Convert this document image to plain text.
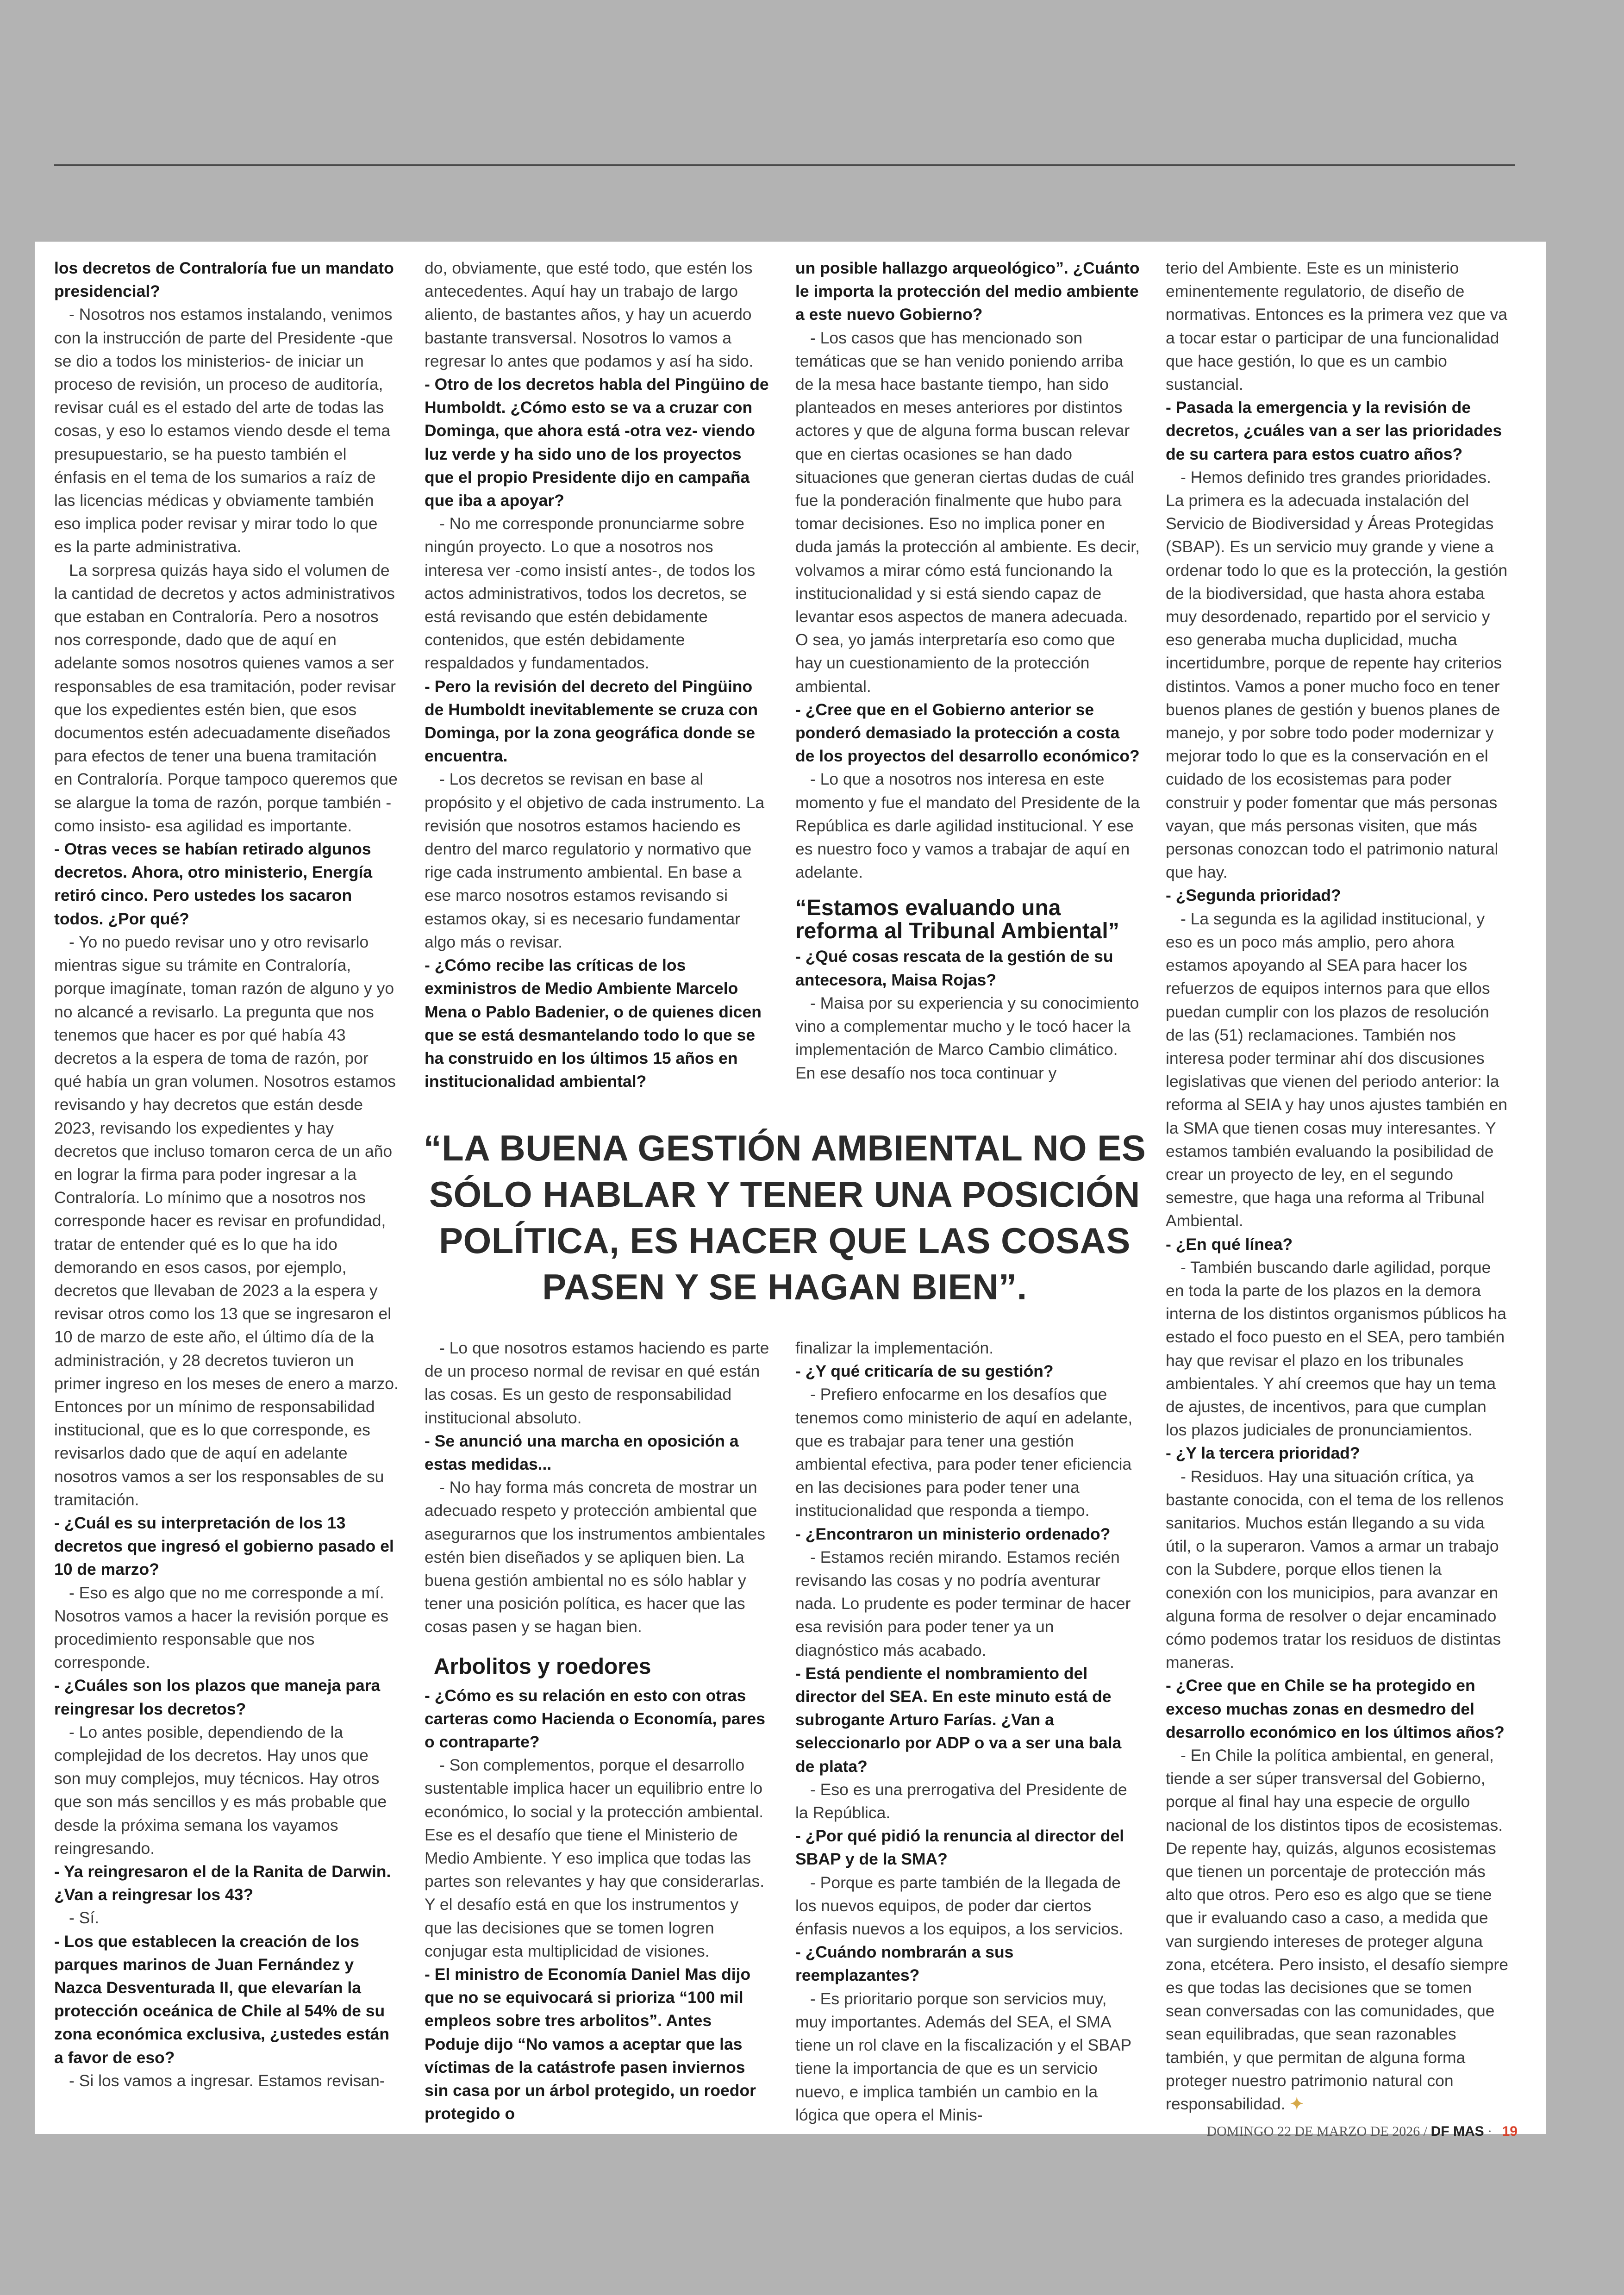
los decretos de Contraloría fue un mandato presidencial?

- Nosotros nos estamos instalando, venimos con la instrucción de parte del Presidente -que se dio a todos los ministerios- de iniciar un proceso de revisión, un proceso de auditoría, revisar cuál es el estado del arte de todas las cosas, y eso lo estamos viendo desde el tema presupuestario, se ha puesto también el énfasis en el tema de los sumarios a raíz de las licencias médicas y obviamente también eso implica poder revisar y mirar todo lo que es la parte administrativa.

La sorpresa quizás haya sido el volumen de la cantidad de decretos y actos administrativos que estaban en Contraloría. Pero a nosotros nos corresponde, dado que de aquí en adelante somos nosotros quienes vamos a ser responsables de esa tramitación, poder revisar que los expedientes estén bien, que esos documentos estén adecuadamente diseñados para efectos de tener una buena tramitación en Contraloría. Porque tampoco queremos que se alargue la toma de razón, porque también -como insisto- esa agilidad es importante.

- Otras veces se habían retirado algunos decretos. Ahora, otro ministerio, Energía retiró cinco. Pero ustedes los sacaron todos. ¿Por qué?

- Yo no puedo revisar uno y otro revisarlo mientras sigue su trámite en Contraloría, porque imagínate, toman razón de alguno y yo no alcancé a revisarlo. La pregunta que nos tenemos que hacer es por qué había 43 decretos a la espera de toma de razón, por qué había un gran volumen. Nosotros estamos revisando y hay decretos que están desde 2023, revisando los expedientes y hay decretos que incluso tomaron cerca de un año en lograr la firma para poder ingresar a la Contraloría. Lo mínimo que a nosotros nos corresponde hacer es revisar en profundidad, tratar de entender qué es lo que ha ido demorando en esos casos, por ejemplo, decretos que llevaban de 2023 a la espera y revisar otros como los 13 que se ingresaron el 10 de marzo de este año, el último día de la administración, y 28 decretos tuvieron un primer ingreso en los meses de enero a marzo. Entonces por un mínimo de responsabilidad institucional, que es lo que corresponde, es revisarlos dado que de aquí en adelante nosotros vamos a ser los responsables de su tramitación.

- ¿Cuál es su interpretación de los 13 decretos que ingresó el gobierno pasado el 10 de marzo?

- Eso es algo que no me corresponde a mí. Nosotros vamos a hacer la revisión porque es procedimiento responsable que nos corresponde.

- ¿Cuáles son los plazos que maneja para reingresar los decretos?

- Lo antes posible, dependiendo de la complejidad de los decretos. Hay unos que son muy complejos, muy técnicos. Hay otros que son más sencillos y es más probable que desde la próxima semana los vayamos reingresando.

- Ya reingresaron el de la Ranita de Darwin. ¿Van a reingresar los 43?

- Sí.

- Los que establecen la creación de los parques marinos de Juan Fernández y Nazca Desventurada II, que elevarían la protección oceánica de Chile al 54% de su zona económica exclusiva, ¿ustedes están a favor de eso?

- Si los vamos a ingresar. Estamos revisan-

do, obviamente, que esté todo, que estén los antecedentes. Aquí hay un trabajo de largo aliento, de bastantes años, y hay un acuerdo bastante transversal. Nosotros lo vamos a regresar lo antes que podamos y así ha sido.

- Otro de los decretos habla del Pingüino de Humboldt. ¿Cómo esto se va a cruzar con Dominga, que ahora está -otra vez- viendo luz verde y ha sido uno de los proyectos que el propio Presidente dijo en campaña que iba a apoyar?

- No me corresponde pronunciarme sobre ningún proyecto. Lo que a nosotros nos interesa ver -como insistí antes-, de todos los actos administrativos, todos los decretos, se está revisando que estén debidamente contenidos, que estén debidamente respaldados y fundamentados.

- Pero la revisión del decreto del Pingüino de Humboldt inevitablemente se cruza con Dominga, por la zona geográfica donde se encuentra.

- Los decretos se revisan en base al propósito y el objetivo de cada instrumento. La revisión que nosotros estamos haciendo es dentro del marco regulatorio y normativo que rige cada instrumento ambiental. En base a ese marco nosotros estamos revisando si estamos okay, si es necesario fundamentar algo más o revisar.

- ¿Cómo recibe las críticas de los exministros de Medio Ambiente Marcelo Mena o Pablo Badenier, o de quienes dicen que se está desmantelando todo lo que se ha construido en los últimos 15 años en institucionalidad ambiental?

- Lo que nosotros estamos haciendo es parte de un proceso normal de revisar en qué están las cosas. Es un gesto de responsabilidad institucional absoluto.

- Se anunció una marcha en oposición a estas medidas...

- No hay forma más concreta de mostrar un adecuado respeto y protección ambiental que asegurarnos que los instrumentos ambientales estén bien diseñados y se apliquen bien. La buena gestión ambiental no es sólo hablar y tener una posición política, es hacer que las cosas pasen y se hagan bien.

Arbolitos y roedores

- ¿Cómo es su relación en esto con otras carteras como Hacienda o Economía, pares o contraparte?

- Son complementos, porque el desarrollo sustentable implica hacer un equilibrio entre lo económico, lo social y la protección ambiental. Ese es el desafío que tiene el Ministerio de Medio Ambiente. Y eso implica que todas las partes son relevantes y hay que considerarlas. Y el desafío está en que los instrumentos y que las decisiones que se tomen logren conjugar esta multiplicidad de visiones.

- El ministro de Economía Daniel Mas dijo que no se equivocará si prioriza “100 mil empleos sobre tres arbolitos”. Antes Poduje dijo “No vamos a aceptar que las víctimas de la catástrofe pasen inviernos sin casa por un árbol protegido, un roedor protegido o

un posible hallazgo arqueológico”. ¿Cuánto le importa la protección del medio ambiente a este nuevo Gobierno?

- Los casos que has mencionado son temáticas que se han venido poniendo arriba de la mesa hace bastante tiempo, han sido planteados en meses anteriores por distintos actores y que de alguna forma buscan relevar que en ciertas ocasiones se han dado situaciones que generan ciertas dudas de cuál fue la ponderación finalmente que hubo para tomar decisiones. Eso no implica poner en duda jamás la protección al ambiente. Es decir, volvamos a mirar cómo está funcionando la institucionalidad y si está siendo capaz de levantar esos aspectos de manera adecuada. O sea, yo jamás interpretaría eso como que hay un cuestionamiento de la protección ambiental.

- ¿Cree que en el Gobierno anterior se ponderó demasiado la protección a costa de los proyectos del desarrollo económico?

- Lo que a nosotros nos interesa en este momento y fue el mandato del Presidente de la República es darle agilidad institucional. Y ese es nuestro foco y vamos a trabajar de aquí en adelante.

“Estamos evaluando una reforma al Tribunal Ambiental”

- ¿Qué cosas rescata de la gestión de su antecesora, Maisa Rojas?

- Maisa por su experiencia y su conocimiento vino a complementar mucho y le tocó hacer la implementación de Marco Cambio climático. En ese desafío nos toca continuar y

finalizar la implementación.

- ¿Y qué criticaría de su gestión?

- Prefiero enfocarme en los desafíos que tenemos como ministerio de aquí en adelante, que es trabajar para tener una gestión ambiental efectiva, para poder tener eficiencia en las decisiones para poder tener una institucionalidad que responda a tiempo.

- ¿Encontraron un ministerio ordenado?

- Estamos recién mirando. Estamos recién revisando las cosas y no podría aventurar nada. Lo prudente es poder terminar de hacer esa revisión para poder tener ya un diagnóstico más acabado.

- Está pendiente el nombramiento del director del SEA. En este minuto está de subrogante Arturo Farías. ¿Van a seleccionarlo por ADP o va a ser una bala de plata?

- Eso es una prerrogativa del Presidente de la República.

- ¿Por qué pidió la renuncia al director del SBAP y de la SMA?

- Porque es parte también de la llegada de los nuevos equipos, de poder dar ciertos énfasis nuevos a los equipos, a los servicios.

- ¿Cuándo nombrarán a sus reemplazantes?

- Es prioritario porque son servicios muy, muy importantes. Además del SEA, el SMA tiene un rol clave en la fiscalización y el SBAP tiene la importancia de que es un servicio nuevo, e implica también un cambio en la lógica que opera el Minis-

terio del Ambiente. Este es un ministerio eminentemente regulatorio, de diseño de normativas. Entonces es la primera vez que va a tocar estar o participar de una funcionalidad que hace gestión, lo que es un cambio sustancial.

- Pasada la emergencia y la revisión de decretos, ¿cuáles van a ser las prioridades de su cartera para estos cuatro años?

- Hemos definido tres grandes prioridades. La primera es la adecuada instalación del Servicio de Biodiversidad y Áreas Protegidas (SBAP). Es un servicio muy grande y viene a ordenar todo lo que es la protección, la gestión de la biodiversidad, que hasta ahora estaba muy desordenado, repartido por el servicio y eso generaba mucha duplicidad, mucha incertidumbre, porque de repente hay criterios distintos. Vamos a poner mucho foco en tener buenos planes de gestión y buenos planes de manejo, y por sobre todo poder modernizar y mejorar todo lo que es la conservación en el cuidado de los ecosistemas para poder construir y poder fomentar que más personas vayan, que más personas visiten, que más personas conozcan todo el patrimonio natural que hay.

- ¿Segunda prioridad?

- La segunda es la agilidad institucional, y eso es un poco más amplio, pero ahora estamos apoyando al SEA para hacer los refuerzos de equipos internos para que ellos puedan cumplir con los plazos de resolución de las (51) reclamaciones. También nos interesa poder terminar ahí dos discusiones legislativas que vienen del periodo anterior: la reforma al SEIA y hay unos ajustes también en la SMA que tienen cosas muy interesantes. Y estamos también evaluando la posibilidad de crear un proyecto de ley, en el segundo semestre, que haga una reforma al Tribunal Ambiental.

- ¿En qué línea?

- También buscando darle agilidad, porque en toda la parte de los plazos en la demora interna de los distintos organismos públicos ha estado el foco puesto en el SEA, pero también hay que revisar el plazo en los tribunales ambientales. Y ahí creemos que hay un tema de ajustes, de incentivos, para que cumplan los plazos judiciales de pronunciamientos.

- ¿Y la tercera prioridad?

- Residuos. Hay una situación crítica, ya bastante conocida, con el tema de los rellenos sanitarios. Muchos están llegando a su vida útil, o la superaron. Vamos a armar un trabajo con la Subdere, porque ellos tienen la conexión con los municipios, para avanzar en alguna forma de resolver o dejar encaminado cómo podemos tratar los residuos de distintas maneras.

- ¿Cree que en Chile se ha protegido en exceso muchas zonas en desmedro del desarrollo económico en los últimos años?

- En Chile la política ambiental, en general, tiende a ser súper transversal del Gobierno, porque al final hay una especie de orgullo nacional de los distintos tipos de ecosistemas. De repente hay, quizás, algunos ecosistemas que tienen un porcentaje de protección más alto que otros. Pero eso es algo que se tiene que ir evaluando caso a caso, a medida que van surgiendo intereses de proteger alguna zona, etcétera. Pero insisto, el desafío siempre es que todas las decisiones que se tomen sean conversadas con las comunidades, que sean equilibradas, que sean razonables también, y que permitan de alguna forma proteger nuestro patrimonio natural con responsabilidad. ✦

“LA BUENA GESTIÓN AMBIENTAL NO ES SÓLO HABLAR Y TENER UNA POSICIÓN POLÍTICA, ES HACER QUE LAS COSAS PASEN Y SE HAGAN BIEN”.
DOMINGO 22 DE MARZO DE 2026 / DF MAS · 19
